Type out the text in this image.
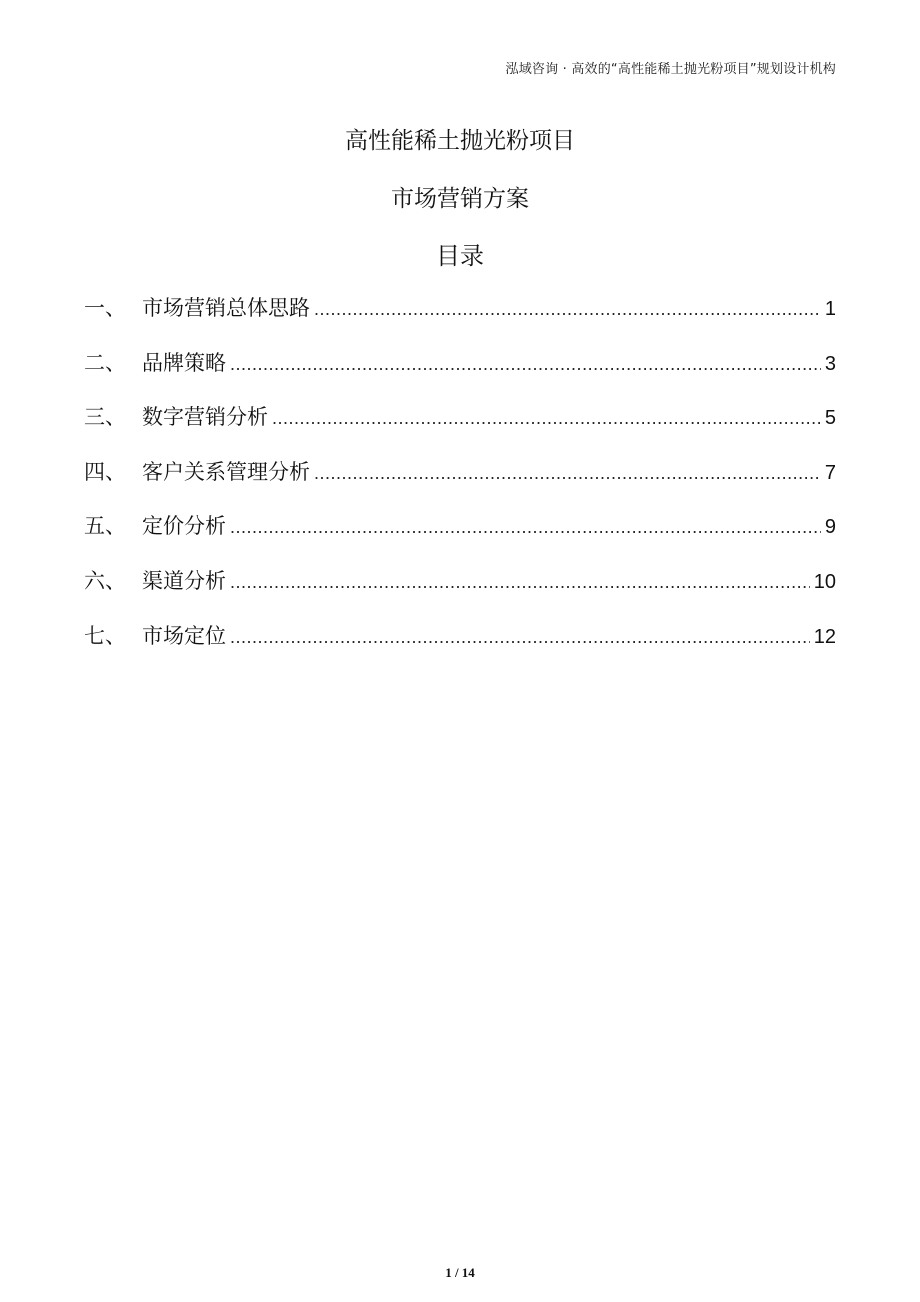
泓域咨询 · 高效的“高性能稀土抛光粉项目”规划设计机构
高性能稀土抛光粉项目
市场营销方案
目录
一、 市场营销总体思路 .....	1
二、 品牌策略 .....	3
三、 数字营销分析 .....	5
四、 客户关系管理分析 .....	7
五、 定价分析 .....	9
六、 渠道分析 .....	10
七、 市场定位 .....	12
1 / 14
